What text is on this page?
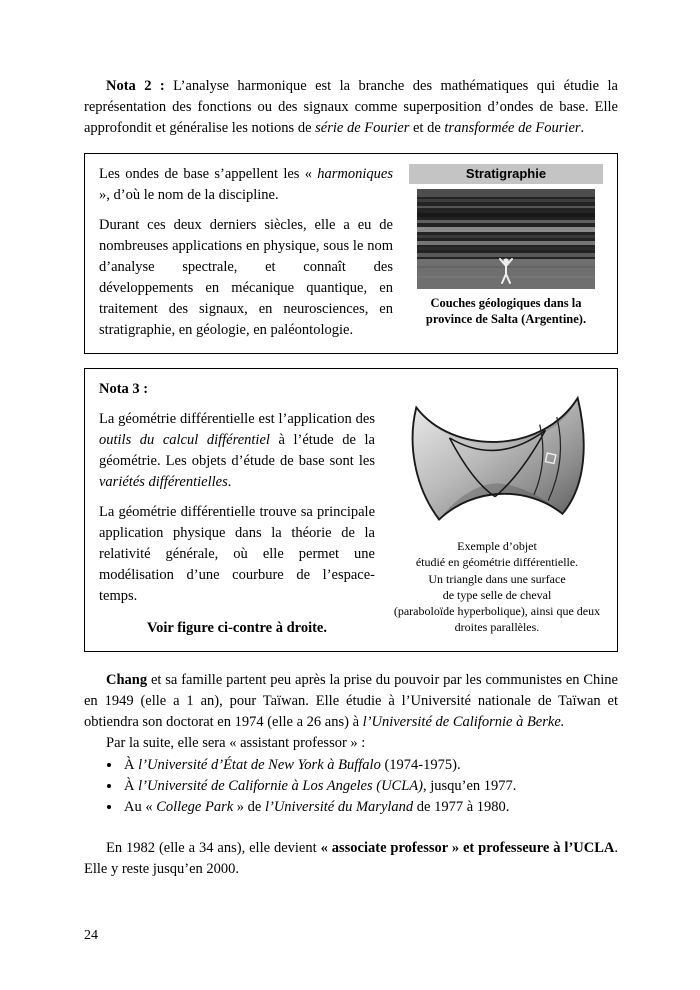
Nota 2 : L’analyse harmonique est la branche des mathématiques qui étudie la représentation des fonctions ou des signaux comme superposition d’ondes de base. Elle approfondit et généralise les notions de série de Fourier et de transformée de Fourier.

Les ondes de base s’appellent les « harmoniques », d’où le nom de la discipline.

Durant ces deux derniers siècles, elle a eu de nombreuses applications en physique, sous le nom d’analyse spectrale, et connaît des développements en mécanique quantique, en traitement des signaux, en neurosciences, en stratigraphie, en géologie, en paléontologie.

Stratigraphie
Couches géologiques dans la province de Salta (Argentine).

Nota 3 :

La géométrie différentielle est l’application des outils du calcul différentiel à l’étude de la géométrie. Les objets d’étude de base sont les variétés différentielles.

La géométrie différentielle trouve sa principale application physique dans la théorie de la relativité générale, où elle permet une modélisation d’une courbure de l’espace-temps.

Voir figure ci-contre à droite.
Exemple d’objet
étudié en géométrie différentielle.
Un triangle dans une surface
de type selle de cheval
(paraboloïde hyperbolique), ainsi que deux
droites parallèles.

Chang et sa famille partent peu après la prise du pouvoir par les communistes en Chine en 1949 (elle a 1 an), pour Taïwan. Elle étudie à l’Université nationale de Taïwan et obtiendra son doctorat en 1974 (elle a 26 ans) à l’Université de Californie à Berke.

Par la suite, elle sera « assistant professor » :

• À l’Université d’État de New York à Buffalo (1974-1975).
• À l’Université de Californie à Los Angeles (UCLA), jusqu’en 1977.
• Au « College Park » de l’Université du Maryland de 1977 à 1980.

En 1982 (elle a 34 ans), elle devient « associate professor » et professeure à l’UCLA. Elle y reste jusqu’en 2000.

24
